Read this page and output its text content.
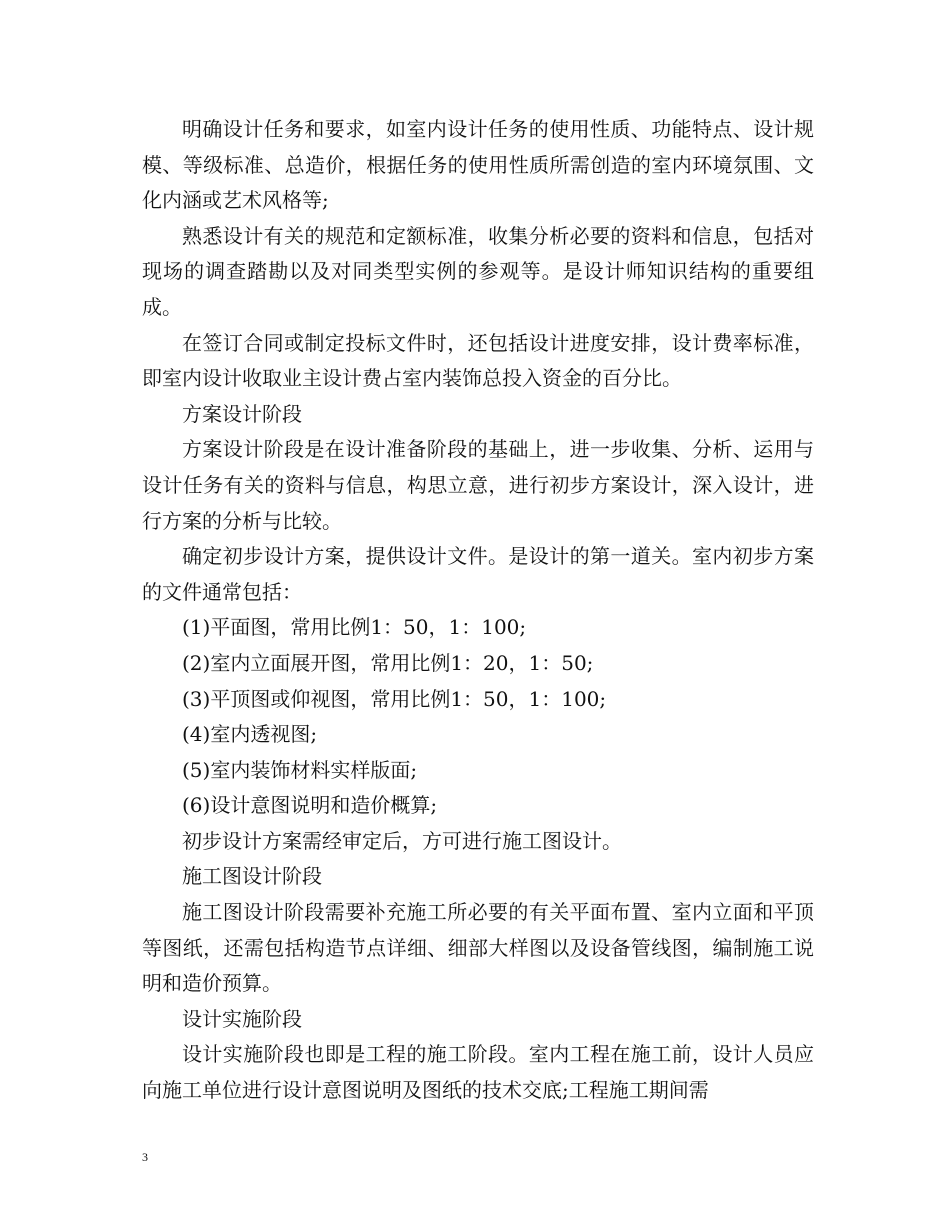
明确设计任务和要求，如室内设计任务的使用性质、功能特点、设计规模、等级标准、总造价，根据任务的使用性质所需创造的室内环境氛围、文化内涵或艺术风格等;

熟悉设计有关的规范和定额标准，收集分析必要的资料和信息，包括对现场的调查踏勘以及对同类型实例的参观等。是设计师知识结构的重要组成。

在签订合同或制定投标文件时，还包括设计进度安排，设计费率标准，即室内设计收取业主设计费占室内装饰总投入资金的百分比。

方案设计阶段

方案设计阶段是在设计准备阶段的基础上，进一步收集、分析、运用与设计任务有关的资料与信息，构思立意，进行初步方案设计，深入设计，进行方案的分析与比较。

确定初步设计方案，提供设计文件。是设计的第一道关。室内初步方案的文件通常包括：

(1)平面图，常用比例1：50，1：100;

(2)室内立面展开图，常用比例1：20，1：50;

(3)平顶图或仰视图，常用比例1：50，1：100;

(4)室内透视图;

(5)室内装饰材料实样版面;

(6)设计意图说明和造价概算;

初步设计方案需经审定后，方可进行施工图设计。

施工图设计阶段

施工图设计阶段需要补充施工所必要的有关平面布置、室内立面和平顶等图纸，还需包括构造节点详细、细部大样图以及设备管线图，编制施工说明和造价预算。

设计实施阶段

设计实施阶段也即是工程的施工阶段。室内工程在施工前，设计人员应向施工单位进行设计意图说明及图纸的技术交底;工程施工期间需

3
